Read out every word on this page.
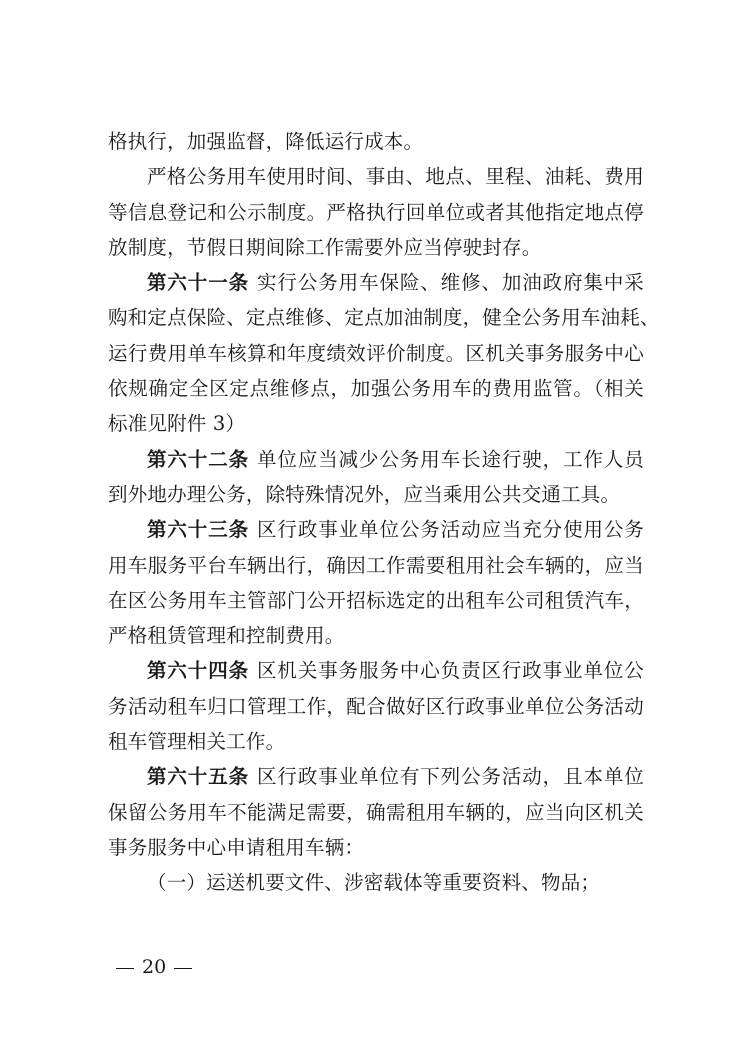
格执行，加强监督，降低运行成本。
严格公务用车使用时间、事由、地点、里程、油耗、费用
等信息登记和公示制度。严格执行回单位或者其他指定地点停
放制度，节假日期间除工作需要外应当停驶封存。
第六十一条 实行公务用车保险、维修、加油政府集中采
购和定点保险、定点维修、定点加油制度，健全公务用车油耗、
运行费用单车核算和年度绩效评价制度。区机关事务服务中心
依规确定全区定点维修点，加强公务用车的费用监管。（相关
标准见附件 3）
第六十二条 单位应当减少公务用车长途行驶，工作人员
到外地办理公务，除特殊情况外，应当乘用公共交通工具。
第六十三条 区行政事业单位公务活动应当充分使用公务
用车服务平台车辆出行，确因工作需要租用社会车辆的，应当
在区公务用车主管部门公开招标选定的出租车公司租赁汽车，
严格租赁管理和控制费用。
第六十四条 区机关事务服务中心负责区行政事业单位公
务活动租车归口管理工作，配合做好区行政事业单位公务活动
租车管理相关工作。
第六十五条 区行政事业单位有下列公务活动，且本单位
保留公务用车不能满足需要，确需租用车辆的，应当向区机关
事务服务中心申请租用车辆：
（一）运送机要文件、涉密载体等重要资料、物品；
20
